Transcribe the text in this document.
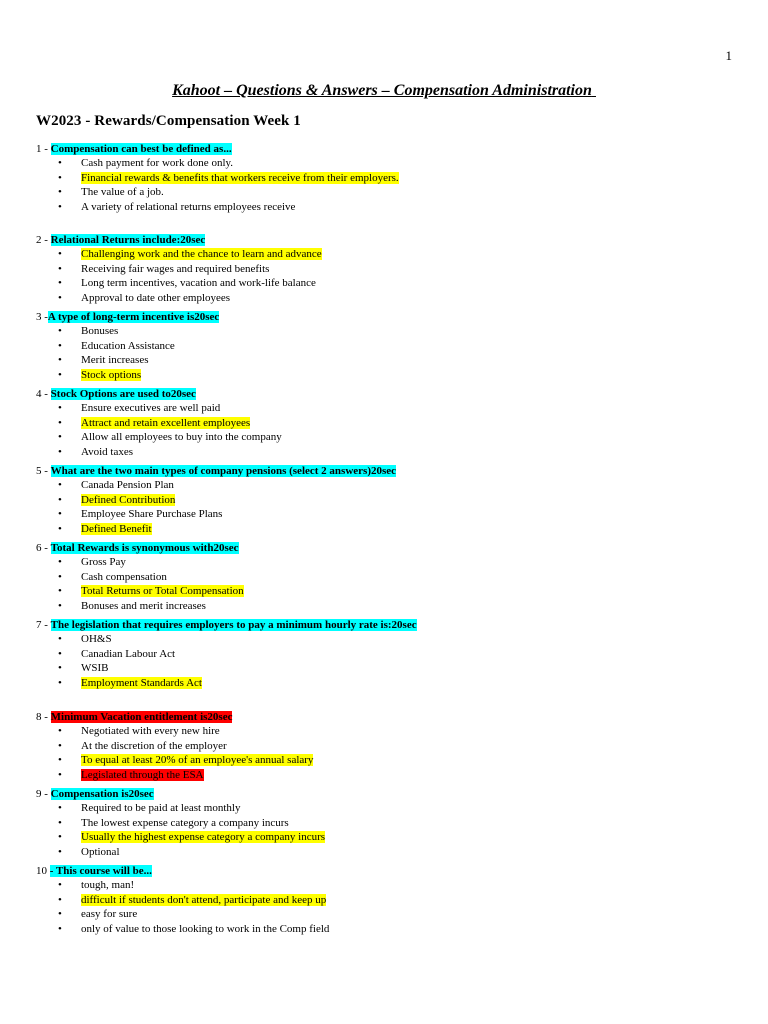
1
Kahoot – Questions & Answers – Compensation Administration
W2023 - Rewards/Compensation Week 1
1 - Compensation can best be defined as...
•	Cash payment for work done only.
•	Financial rewards & benefits that workers receive from their employers.
•	The value of a job.
•	A variety of relational returns employees receive
2 - Relational Returns include:20sec
•	Challenging work and the chance to learn and advance
•	Receiving fair wages and required benefits
•	Long term incentives, vacation and work-life balance
•	Approval to date other employees
3 -A type of long-term incentive is20sec
•	Bonuses
•	Education Assistance
•	Merit increases
•	Stock options
4 - Stock Options are used to20sec
•	Ensure executives are well paid
•	Attract and retain excellent employees
•	Allow all employees to buy into the company
•	Avoid taxes
5 - What are the two main types of company pensions (select 2 answers)20sec
•	Canada Pension Plan
•	Defined Contribution
•	Employee Share Purchase Plans
•	Defined Benefit
6 - Total Rewards is synonymous with20sec
•	Gross Pay
•	Cash compensation
•	Total Returns or Total Compensation
•	Bonuses and merit increases
7 - The legislation that requires employers to pay a minimum hourly rate is:20sec
•	OH&S
•	Canadian Labour Act
•	WSIB
•	Employment Standards Act
8 - Minimum Vacation entitlement is20sec
•	Negotiated with every new hire
•	At the discretion of the employer
•	To equal at least 20% of an employee's annual salary
•	Legislated through the ESA
9 - Compensation is20sec
•	Required to be paid at least monthly
•	The lowest expense category a company incurs
•	Usually the highest expense category a company incurs
•	Optional
10 - This course will be...
•	tough, man!
•	difficult if students don't attend, participate and keep up
•	easy for sure
•	only of value to those looking to work in the Comp field
